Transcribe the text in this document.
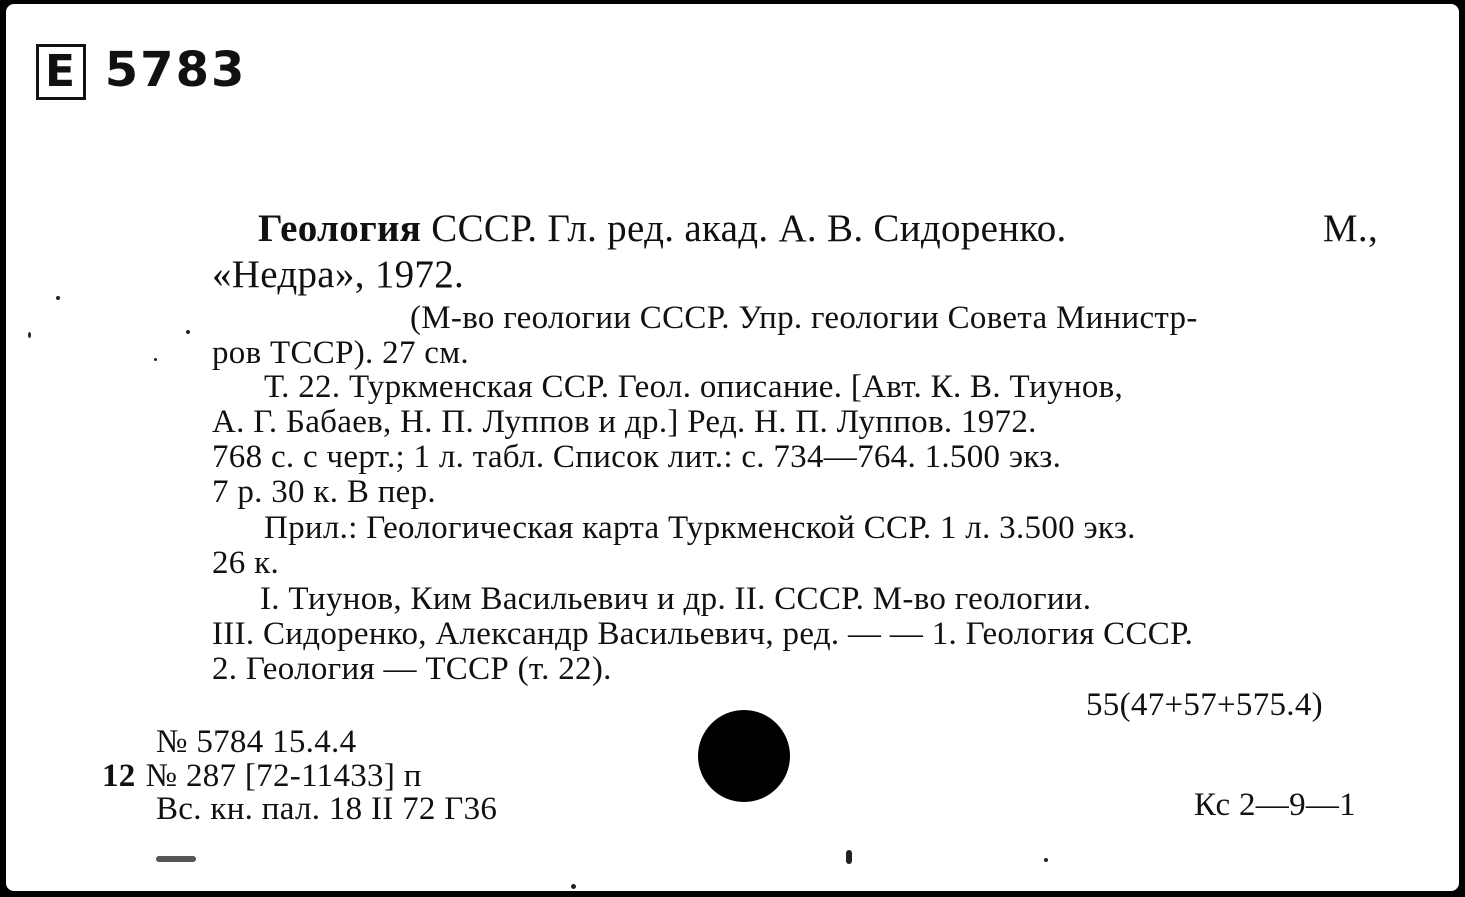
Е 5783
Геология СССР. Гл. ред. акад. А. В. Сидоренко.	М.,
«Недра», 1972.
(М-во геологии СССР. Упр. геологии Совета Министр-
ров ТССР). 27 см.
Т. 22. Туркменская ССР. Геол. описание. [Авт. К. В. Тиунов,
А. Г. Бабаев, Н. П. Луппов и др.] Ред. Н. П. Луппов. 1972.
768 с. с черт.; 1 л. табл. Список лит.: с. 734—764. 1.500 экз.
7 р. 30 к. В пер.
Прил.: Геологическая карта Туркменской ССР. 1 л. 3.500 экз.
26 к.
I. Тиунов, Ким Васильевич и др. II. СССР. М-во геологии.
III. Сидоренко, Александр Васильевич, ред. — — 1. Геология СССР.
2. Геология — ТССР (т. 22).
55(47+57+575.4)
№ 5784 15.4.4
12 № 287 [72-11433] п
Вс. кн. пал. 18 II 72 Г36	Кс 2—9—1
